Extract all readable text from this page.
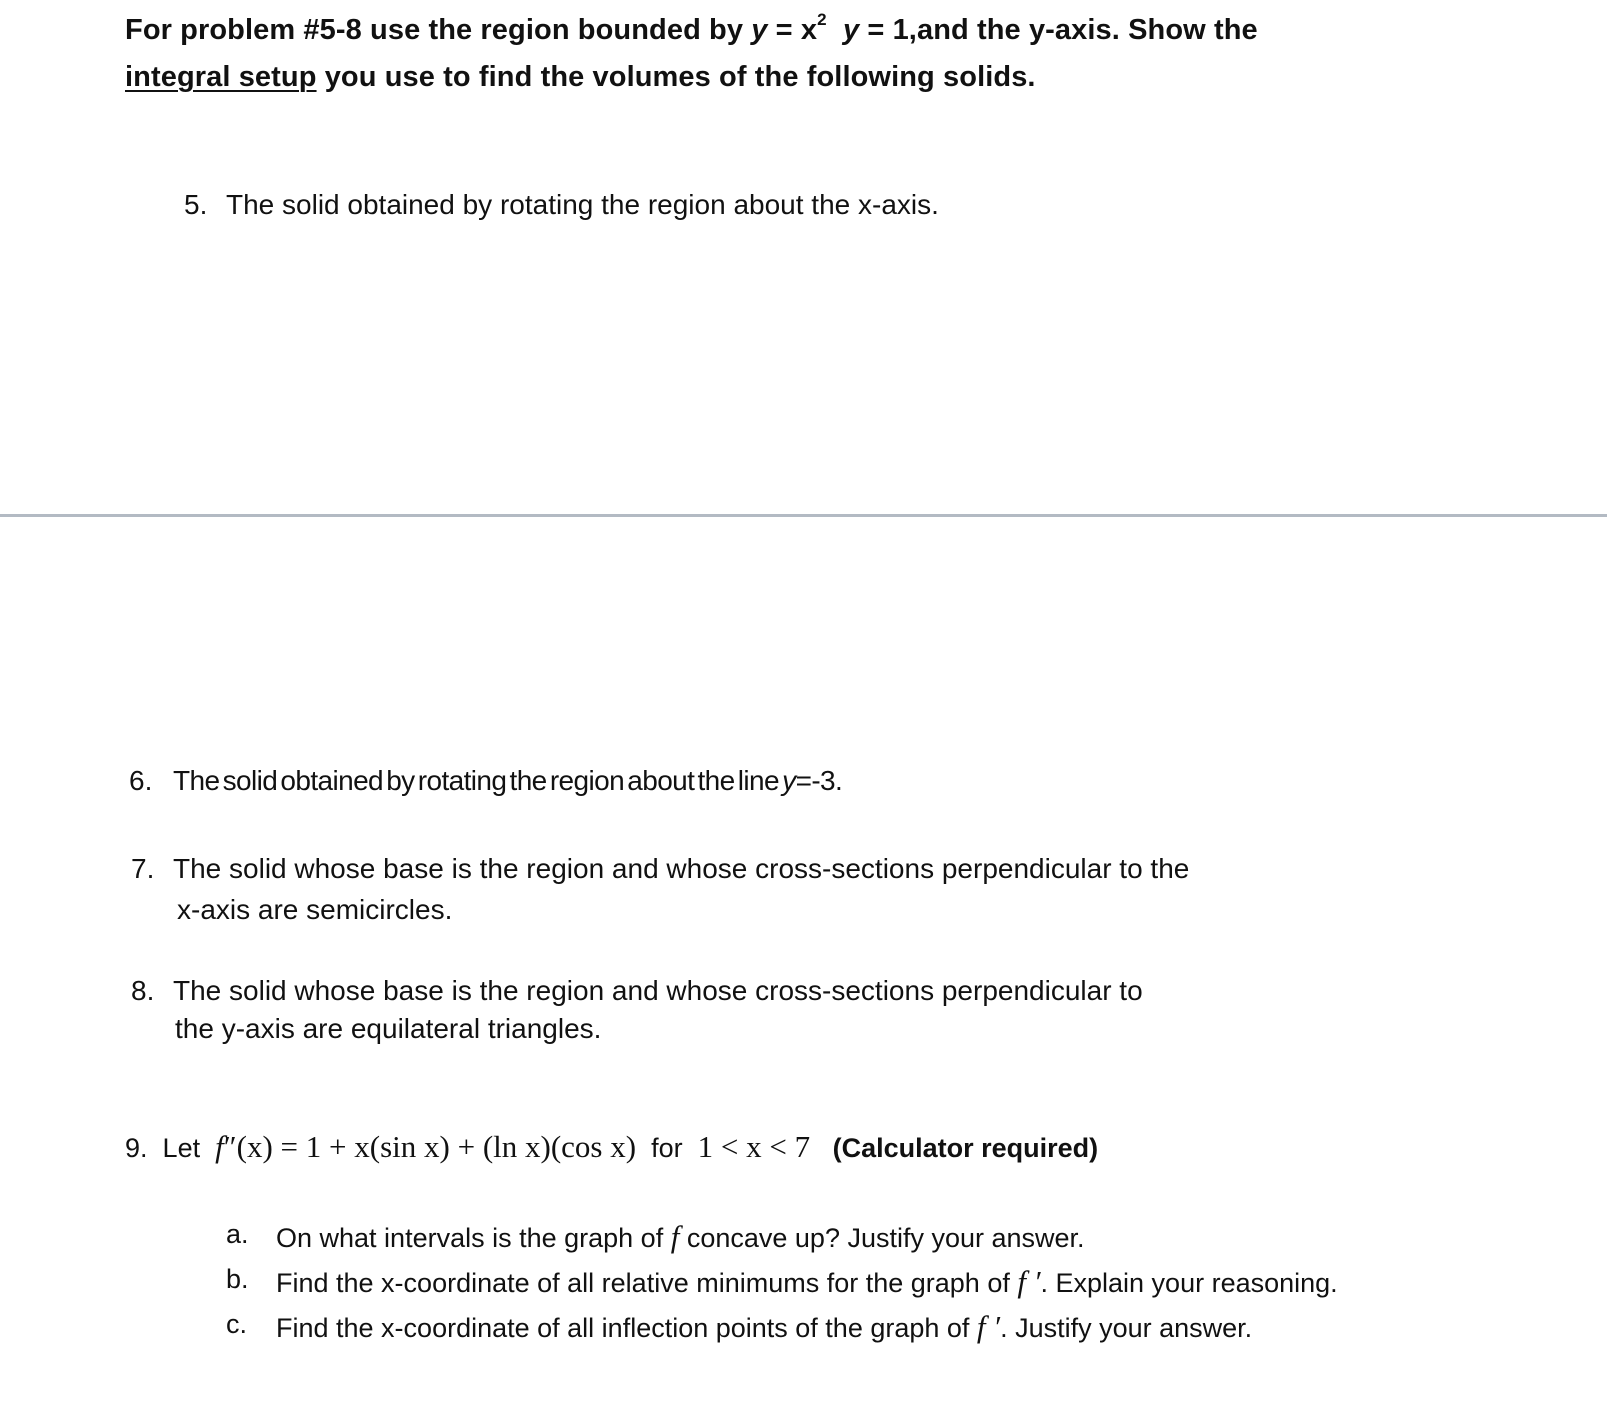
For problem #5-8 use the region bounded by $y = x^2$ y = 1,and the y-axis. Show the
integral setup you use to find the volumes of the following solids.
5. The solid obtained by rotating the region about the x-axis.
6. The solid obtained by rotating the region about the line y=-3.
7. The solid whose base is the region and whose cross-sections perpendicular to the
x-axis are semicircles.
8. The solid whose base is the region and whose cross-sections perpendicular to
the y-axis are equilateral triangles.
9. Let f″(x) = 1 + x(sin x) + (ln x)(cos x) for 1 < x < 7 (Calculator required)
a. On what intervals is the graph of f concave up? Justify your answer.
b. Find the x-coordinate of all relative minimums for the graph of f ′. Explain your reasoning.
c. Find the x-coordinate of all inflection points of the graph of f ′. Justify your answer.
